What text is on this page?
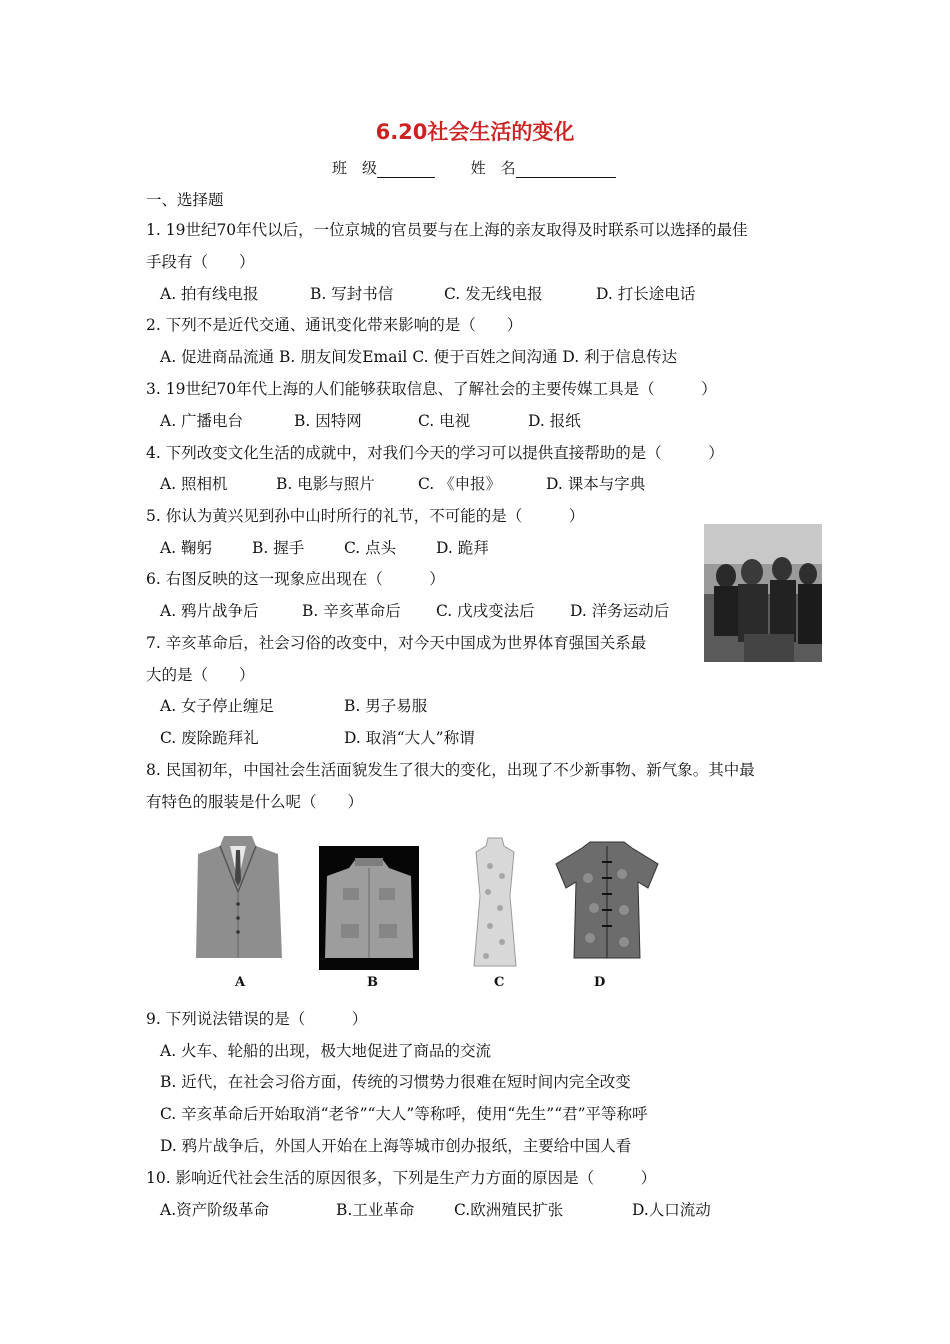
6.20社会生活的变化
班　级	姓　名
一、选择题
1. 19世纪70年代以后，一位京城的官员要与在上海的亲友取得及时联系可以选择的最佳
手段有（　　）
A. 拍有线电报	B. 写封书信	C. 发无线电报	D. 打长途电话
2. 下列不是近代交通、通讯变化带来影响的是（　　）
A. 促进商品流通 B. 朋友间发Email C. 便于百姓之间沟通 D. 利于信息传达
3. 19世纪70年代上海的人们能够获取信息、了解社会的主要传媒工具是（　　　）
A. 广播电台	B. 因特网	C. 电视	D. 报纸
4. 下列改变文化生活的成就中，对我们今天的学习可以提供直接帮助的是（　　　）
A. 照相机	B. 电影与照片	C. 《申报》	D. 课本与字典
5. 你认为黄兴见到孙中山时所行的礼节，不可能的是（　　　）
A. 鞠躬	B. 握手	C. 点头	D. 跪拜
6. 右图反映的这一现象应出现在（　　　）
A. 鸦片战争后	B. 辛亥革命后 C. 戊戌变法后 D. 洋务运动后
7. 辛亥革命后，社会习俗的改变中，对今天中国成为世界体育强国关系最
大的是（　　）
A. 女子停止缠足	B. 男子易服
C. 废除跪拜礼	D. 取消“大人”称谓
8. 民国初年，中国社会生活面貌发生了很大的变化，出现了不少新事物、新气象。其中最
有特色的服装是什么呢（　　）
A	B	C	D
9. 下列说法错误的是（　　　）
A. 火车、轮船的出现，极大地促进了商品的交流
B. 近代，在社会习俗方面，传统的习惯势力很难在短时间内完全改变
C. 辛亥革命后开始取消“老爷”“大人”等称呼，使用“先生”“君”平等称呼
D. 鸦片战争后，外国人开始在上海等城市创办报纸，主要给中国人看
10. 影响近代社会生活的原因很多，下列是生产力方面的原因是（　　　）
A.资产阶级革命	B.工业革命	C.欧洲殖民扩张	D.人口流动
